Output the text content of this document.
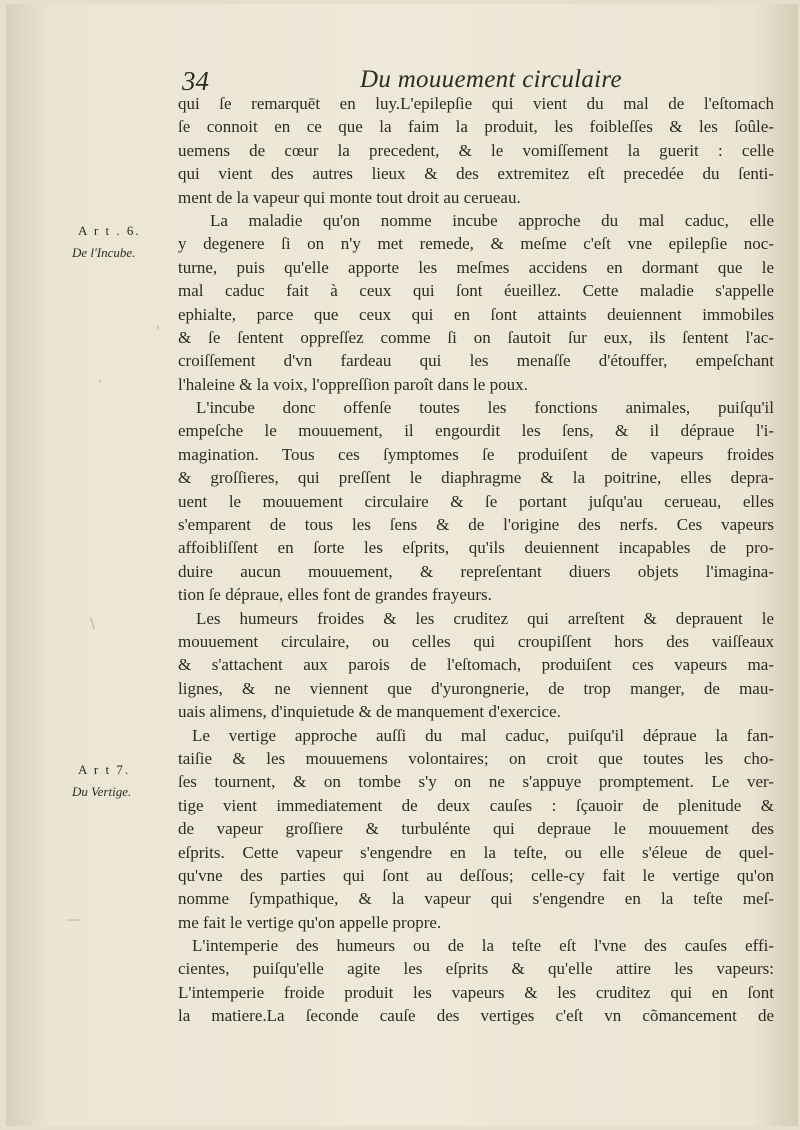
34	Du mouuement circulaire
A r t . 6.
De l'Incube.
A r t 7.
Du Vertige.
'
·
\
—
qui ſe remarquēt en luy.L'epilepſie qui vient du mal de l'eſtomach
ſe connoit en ce que la faim la produit, les foibleſſes & les ſoûle-
uemens de cœur la precedent, & le vomiſſement la guerit : celle
qui vient des autres lieux & des extremitez eſt precedée du ſenti-
ment de la vapeur qui monte tout droit au cerueau.
La maladie qu'on nomme incube approche du mal caduc, elle
y degenere ſi on n'y met remede, & meſme c'eſt vne epilepſie noc-
turne, puis qu'elle apporte les meſmes accidens en dormant que le
mal caduc fait à ceux qui ſont éueillez. Cette maladie s'appelle
ephialte, parce que ceux qui en ſont attaints deuiennent immobiles
& ſe ſentent oppreſſez comme ſi on ſautoit ſur eux, ils ſentent l'ac-
croiſſement d'vn fardeau qui les menaſſe d'étouffer, empeſchant
l'haleine & la voix, l'oppreſſion paroît dans le poux.
L'incube donc offenſe toutes les fonctions animales, puiſqu'il
empeſche le mouuement, il engourdit les ſens, & il dépraue l'i-
magination. Tous ces ſymptomes ſe produiſent de vapeurs froides
& groſſieres, qui preſſent le diaphragme & la poitrine, elles depra-
uent le mouuement circulaire & ſe portant juſqu'au cerueau, elles
s'emparent de tous les ſens & de l'origine des nerfs. Ces vapeurs
affoibliſſent en ſorte les eſprits, qu'ils deuiennent incapables de pro-
duire aucun mouuement, & repreſentant diuers objets l'imagina-
tion ſe dépraue, elles font de grandes frayeurs.
Les humeurs froides & les cruditez qui arreſtent & deprauent le
mouuement circulaire, ou celles qui croupiſſent hors des vaiſſeaux
& s'attachent aux parois de l'eſtomach, produiſent ces vapeurs ma-
lignes, & ne viennent que d'yurongnerie, de trop manger, de mau-
uais alimens, d'inquietude & de manquement d'exercice.
Le vertige approche auſſi du mal caduc, puiſqu'il dépraue la fan-
taiſie & les mouuemens volontaires; on croit que toutes les cho-
ſes tournent, & on tombe s'y on ne s'appuye promptement. Le ver-
tige vient immediatement de deux cauſes : ſçauoir de plenitude &
de vapeur groſſiere & turbulénte qui depraue le mouuement des
eſprits. Cette vapeur s'engendre en la teſte, ou elle s'éleue de quel-
qu'vne des parties qui ſont au deſſous; celle-cy fait le vertige qu'on
nomme ſympathique, & la vapeur qui s'engendre en la teſte meſ-
me fait le vertige qu'on appelle propre.
L'intemperie des humeurs ou de la teſte eſt l'vne des cauſes effi-
cientes, puiſqu'elle agite les eſprits & qu'elle attire les vapeurs:
L'intemperie froide produit les vapeurs & les cruditez qui en ſont
la matiere.La ſeconde cauſe des vertiges c'eſt vn cõmancement de
